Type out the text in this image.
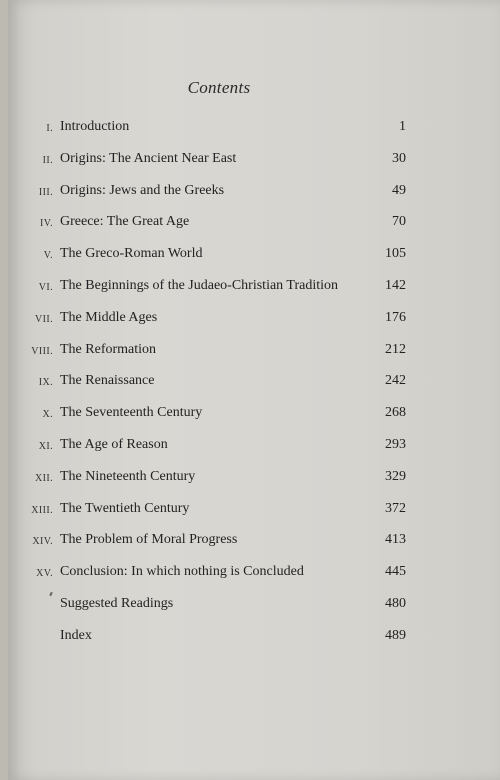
Contents
I. Introduction	1
II. Origins: The Ancient Near East	30
III. Origins: Jews and the Greeks	49
IV. Greece: The Great Age	70
V. The Greco-Roman World	105
VI. The Beginnings of the Judaeo-Christian Tradition	142
VII. The Middle Ages	176
VIII. The Reformation	212
IX. The Renaissance	242
X. The Seventeenth Century	268
XI. The Age of Reason	293
XII. The Nineteenth Century	329
XIII. The Twentieth Century	372
XIV. The Problem of Moral Progress	413
XV. Conclusion: In which nothing is Concluded	445
Suggested Readings	480
Index	489
